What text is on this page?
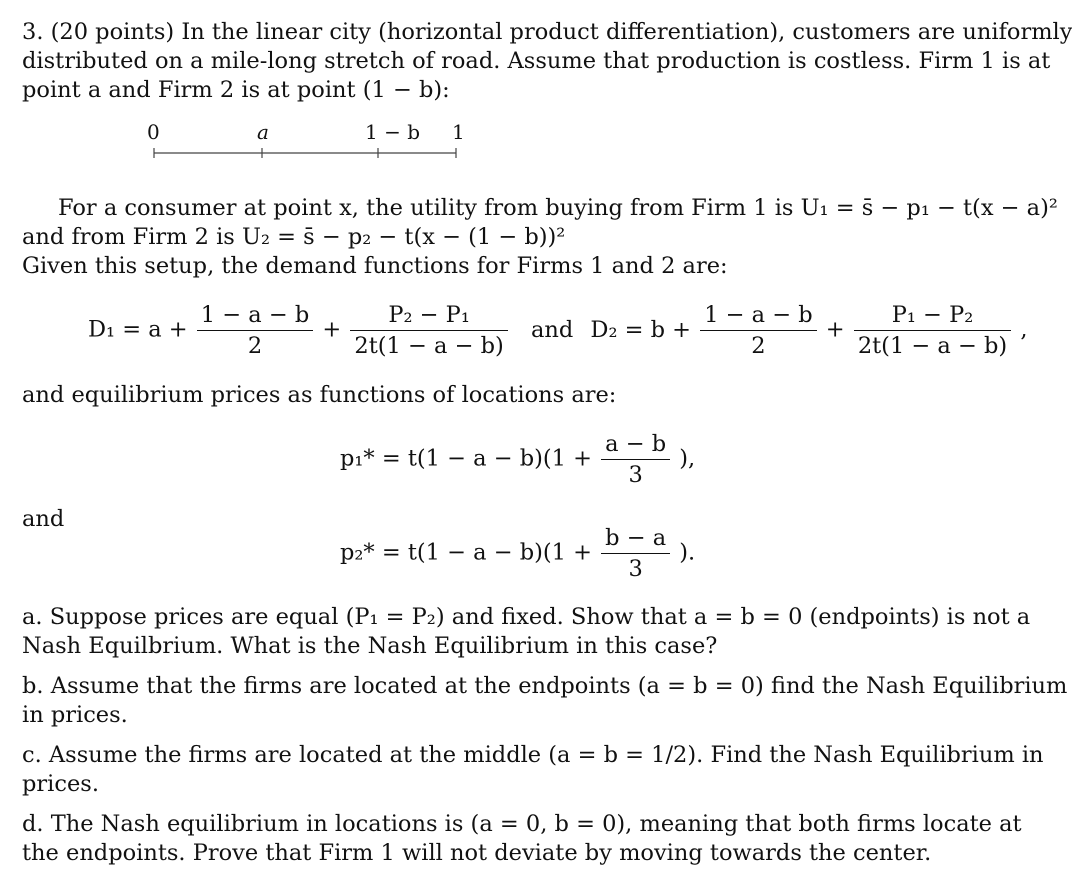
3. (20 points) In the linear city (horizontal product differentiation), customers are uniformly
distributed on a mile-long stretch of road. Assume that production is costless. Firm 1 is at
point a and Firm 2 is at point (1 − b):
0	a	1 − b 1
For a consumer at point x, the utility from buying from Firm 1 is U₁ = s̄ − p₁ − t(x − a)²
and from Firm 2 is U₂ = s̄ − p₂ − t(x − (1 − b))²
Given this setup, the demand functions for Firms 1 and 2 are:
$D_1 = a + \frac{1 - a - b}{2} + \frac{\text{P₂ − P₁}}{2t(1 - a - b)}$ and $D_2 = b + \frac{1 - a - b}{2} + \frac{\text{P₁ − P₂}}{2t(1 - a - b)}$ ,
and equilibrium prices as functions of locations are:
$p_1* = t(1 - a - b)(1 + \frac{a - b}{3}$ ),
and
$p_2* = t(1 - a - b)(1 + \frac{b - a}{3}$ ).
a. Suppose prices are equal (P₁ = P₂) and fixed. Show that a = b = 0 (endpoints) is not a
Nash Equilbrium. What is the Nash Equilibrium in this case?
b. Assume that the firms are located at the endpoints (a = b = 0) find the Nash Equilibrium
in prices.
c. Assume the firms are located at the middle (a = b = 1/2). Find the Nash Equilibrium in
prices.
d. The Nash equilibrium in locations is (a = 0, b = 0), meaning that both firms locate at
the endpoints. Prove that Firm 1 will not deviate by moving towards the center.
